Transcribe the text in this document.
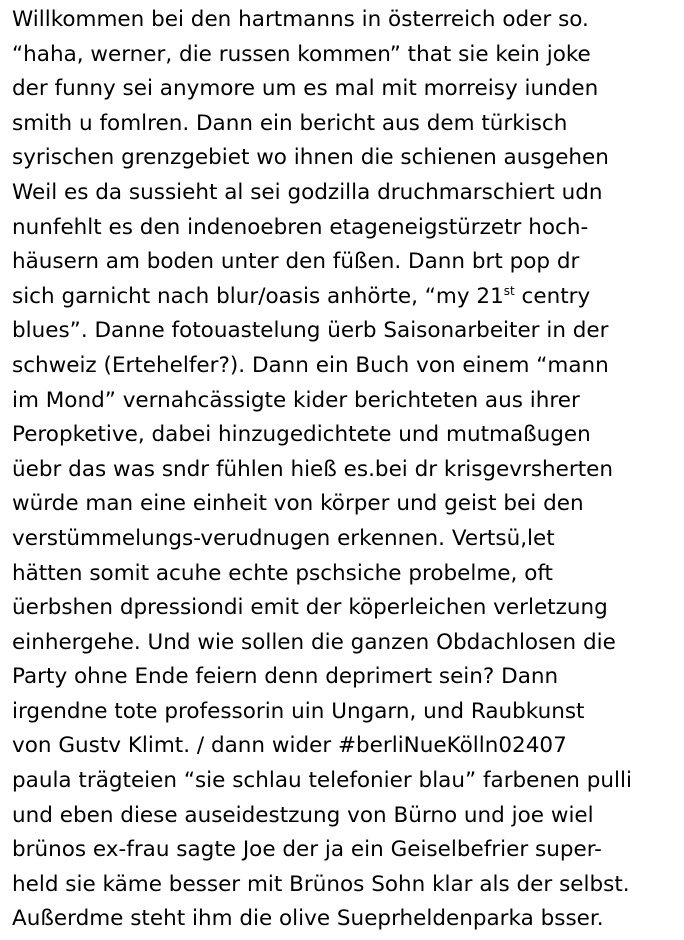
Willkommen bei den hartmanns in österreich oder so.
“haha, werner, die russen kommen” that sie kein joke
der funny sei anymore um es mal mit morreisy iunden
smith u fomlren. Dann ein bericht aus dem türkisch
syrischen grenzgebiet wo ihnen die schienen ausgehen
Weil es da sussieht al sei godzilla druchmarschiert udn
nunfehlt es den indenoebren etageneigstürzetr hoch-
häusern am boden unter den füßen. Dann brt pop dr
sich garnicht nach blur/oasis anhörte, “my 21st centry
blues”. Danne fotouastelung üerb Saisonarbeiter in der
schweiz (Ertehelfer?). Dann ein Buch von einem “mann
im Mond” vernahcässigte kider berichteten aus ihrer
Peropketive, dabei hinzugedichtete und mutmaßugen
üebr das was sndr fühlen hieß es.bei dr krisgevrsherten
würde man eine einheit von körper und geist bei den
verstümmelungs-verudnugen erkennen. Vertsü,let
hätten somit acuhe echte pschsiche probelme, oft
üerbshen dpressiondi emit der köperleichen verletzung
einhergehe. Und wie sollen die ganzen Obdachlosen die
Party ohne Ende feiern denn deprimert sein? Dann
irgendne tote professorin uin Ungarn, und Raubkunst
von Gustv Klimt. / dann wider #berliNueKölln02407
paula trägteien “sie schlau telefonier blau” farbenen pulli
und eben diese auseidestzung von Bürno und joe wiel
brünos ex-frau sagte Joe der ja ein Geiselbefrier super-
held sie käme besser mit Brünos Sohn klar als der selbst.
Außerdme steht ihm die olive Sueprheldenparka bsser.
